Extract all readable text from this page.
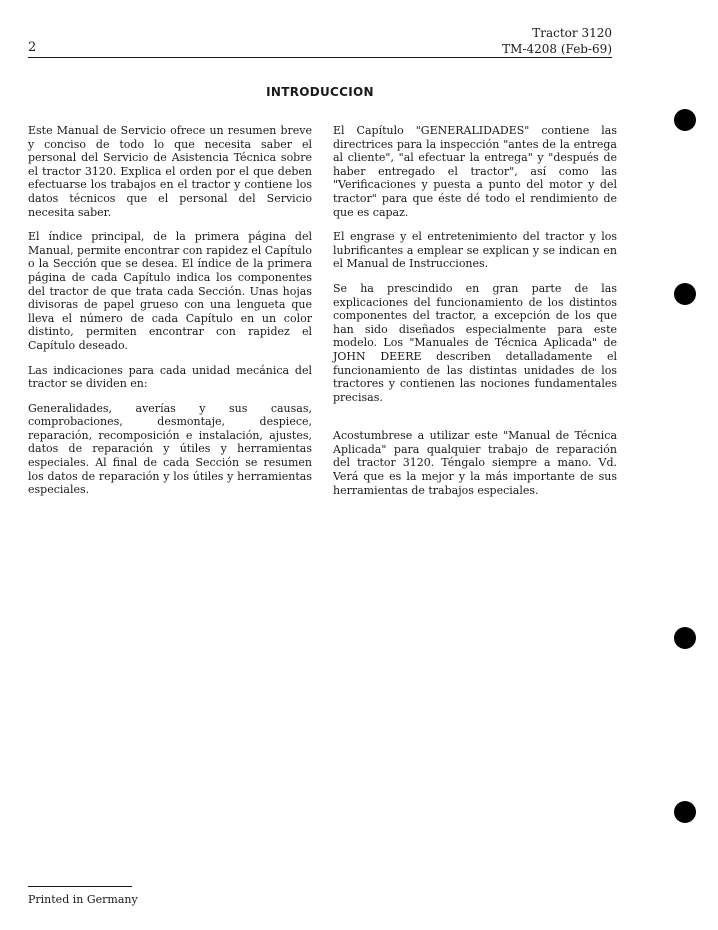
2
Tractor 3120
TM-4208 (Feb-69)
INTRODUCCION

Este Manual de Servicio ofrece un resumen breve y conciso de todo lo que necesita saber el personal del Servicio de Asistencia Técnica sobre el tractor 3120. Explica el orden por el que deben efectuarse los trabajos en el tractor y contiene los datos técnicos que el personal del Servicio necesita saber.

El índice principal, de la primera página del Manual, permite encontrar con rapidez el Capítulo o la Sección que se desea. El índice de la primera página de cada Capítulo indica los componentes del tractor de que trata cada Sección. Unas hojas divisoras de papel grueso con una lengueta que lleva el número de cada Capítulo en un color distinto, permiten encontrar con rapidez el Capítulo deseado.

Las indicaciones para cada unidad mecánica del tractor se dividen en:

Generalidades, averías y sus causas, comprobaciones, desmontaje, despiece, reparación, recomposición e instalación, ajustes, datos de reparación y útiles y herramientas especiales. Al final de cada Sección se resumen los datos de reparación y los útiles y herramientas especiales.

El Capítulo "GENERALIDADES" contiene las directrices para la inspección "antes de la entrega al cliente", "al efectuar la entrega" y "después de haber entregado el tractor", así como las "Verificaciones y puesta a punto del motor y del tractor" para que éste dé todo el rendimiento de que es capaz.

El engrase y el entretenimiento del tractor y los lubrificantes a emplear se explican y se indican en el Manual de Instrucciones.

Se ha prescindido en gran parte de las explicaciones del funcionamiento de los distintos componentes del tractor, a excepción de los que han sido diseñados especialmente para este modelo. Los "Manuales de Técnica Aplicada" de JOHN DEERE describen detalladamente el funcionamiento de las distintas unidades de los tractores y contienen las nociones fundamentales precisas.

Acostumbrese a utilizar este "Manual de Técnica Aplicada" para qualquier trabajo de reparación del tractor 3120. Téngalo siempre a mano. Vd. Verá que es la mejor y la más importante de sus herramientas de trabajos especiales.

Printed in Germany
